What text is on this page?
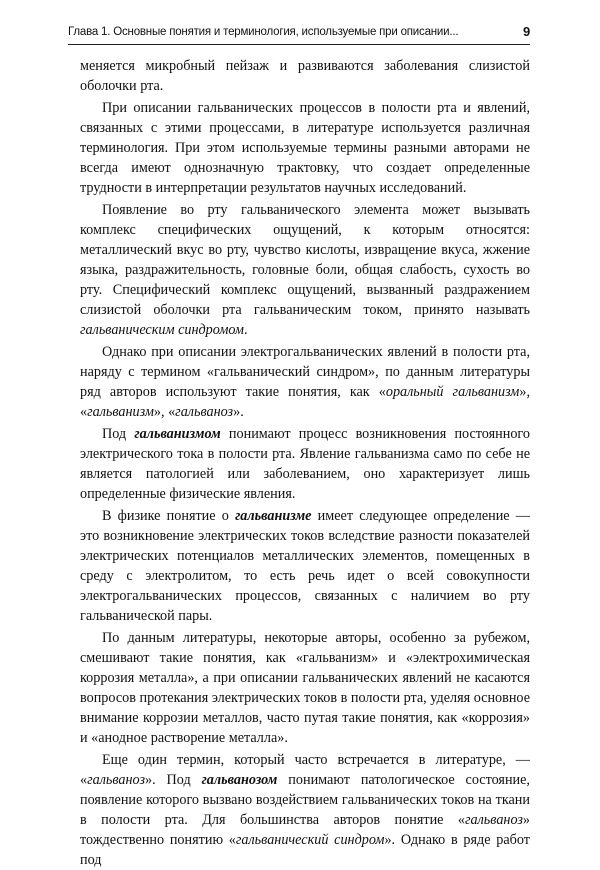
Глава 1. Основные понятия и терминология, используемые при описании...	9

меняется микробный пейзаж и развиваются заболевания слизистой оболочки рта.

При описании гальванических процессов в полости рта и явлений, связанных с этими процессами, в литературе используется различная терминология. При этом используемые термины разными авторами не всегда имеют однозначную трактовку, что создает определенные трудности в интерпретации результатов научных исследований.

Появление во рту гальванического элемента может вызывать комплекс специфических ощущений, к которым относятся: металлический вкус во рту, чувство кислоты, извращение вкуса, жжение языка, раздражительность, головные боли, общая слабость, сухость во рту. Специфический комплекс ощущений, вызванный раздражением слизистой оболочки рта гальваническим током, принято называть гальваническим синдромом.

Однако при описании электрогальванических явлений в полости рта, наряду с термином «гальванический синдром», по данным литературы ряд авторов используют такие понятия, как «оральный гальванизм», «гальванизм», «гальваноз».

Под гальванизмом понимают процесс возникновения постоянного электрического тока в полости рта. Явление гальванизма само по себе не является патологией или заболеванием, оно характеризует лишь определенные физические явления.

В физике понятие о гальванизме имеет следующее определение — это возникновение электрических токов вследствие разности показателей электрических потенциалов металлических элементов, помещенных в среду с электролитом, то есть речь идет о всей совокупности электрогальванических процессов, связанных с наличием во рту гальванической пары.

По данным литературы, некоторые авторы, особенно за рубежом, смешивают такие понятия, как «гальванизм» и «электрохимическая коррозия металла», а при описании гальванических явлений не касаются вопросов протекания электрических токов в полости рта, уделяя основное внимание коррозии металлов, часто путая такие понятия, как «коррозия» и «анодное растворение металла».

Еще один термин, который часто встречается в литературе, — «гальваноз». Под гальванозом понимают патологическое состояние, появление которого вызвано воздействием гальванических токов на ткани в полости рта. Для большинства авторов понятие «гальваноз» тождественно понятию «гальванический синдром». Однако в ряде работ под
